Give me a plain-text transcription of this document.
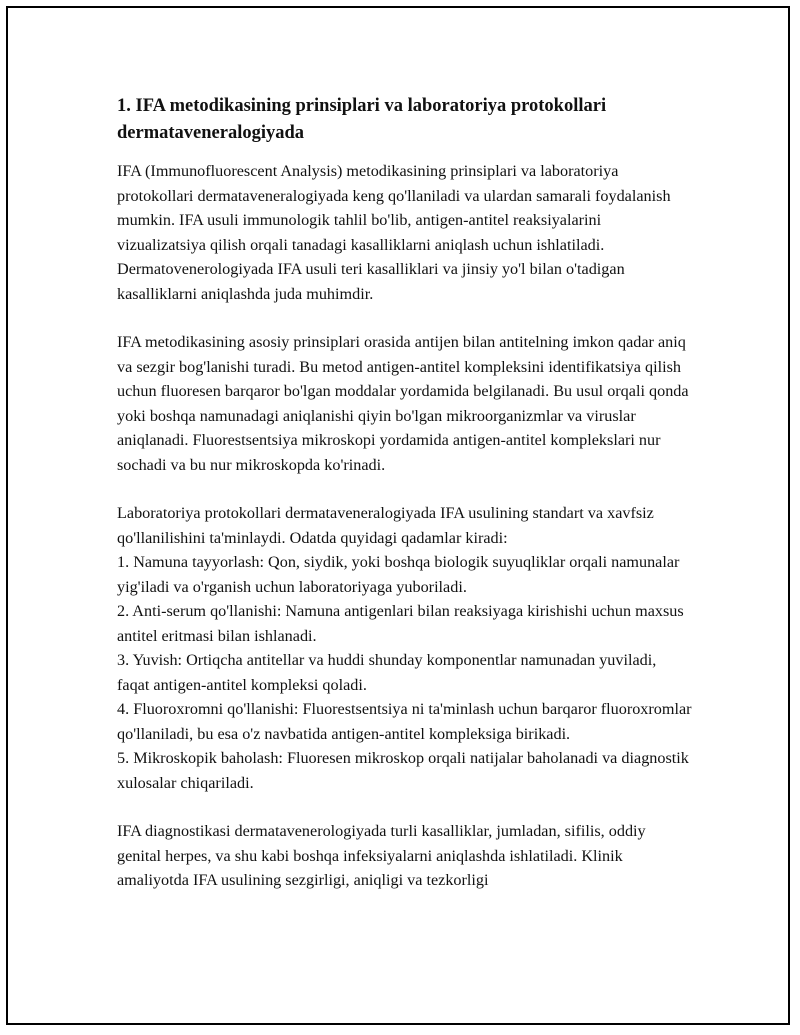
1. IFA metodikasining prinsiplari va laboratoriya protokollari dermataveneralogiyada

IFA (Immunofluorescent Analysis) metodikasining prinsiplari va laboratoriya protokollari dermataveneralogiyada keng qo'llaniladi va ulardan samarali foydalanish mumkin. IFA usuli immunologik tahlil bo'lib, antigen-antitel reaksiyalarini vizualizatsiya qilish orqali tanadagi kasalliklarni aniqlash uchun ishlatiladi. Dermatovenerologiyada IFA usuli teri kasalliklari va jinsiy yo'l bilan o'tadigan kasalliklarni aniqlashda juda muhimdir.

IFA metodikasining asosiy prinsiplari orasida antijen bilan antitelning imkon qadar aniq va sezgir bog'lanishi turadi. Bu metod antigen-antitel kompleksini identifikatsiya qilish uchun fluoresen barqaror bo'lgan moddalar yordamida belgilanadi. Bu usul orqali qonda yoki boshqa namunadagi aniqlanishi qiyin bo'lgan mikroorganizmlar va viruslar aniqlanadi. Fluorestsentsiya mikroskopi yordamida antigen-antitel komplekslari nur sochadi va bu nur mikroskopda ko'rinadi.

Laboratoriya protokollari dermataveneralogiyada IFA usulining standart va xavfsiz qo'llanilishini ta'minlaydi. Odatda quyidagi qadamlar kiradi:

1. Namuna tayyorlash: Qon, siydik, yoki boshqa biologik suyuqliklar orqali namunalar yig'iladi va o'rganish uchun laboratoriyaga yuboriladi.
2. Anti-serum qo'llanishi: Namuna antigenlari bilan reaksiyaga kirishishi uchun maxsus antitel eritmasi bilan ishlanadi.
3. Yuvish: Ortiqcha antitellar va huddi shunday komponentlar namunadan yuviladi, faqat antigen-antitel kompleksi qoladi.
4. Fluoroxromni qo'llanishi: Fluorestsentsiya ni ta'minlash uchun barqaror fluoroxromlar qo'llaniladi, bu esa o'z navbatida antigen-antitel kompleksiga birikadi.
5. Mikroskopik baholash: Fluoresen mikroskop orqali natijalar baholanadi va diagnostik xulosalar chiqariladi.

IFA diagnostikasi dermatavenerologiyada turli kasalliklar, jumladan, sifilis, oddiy genital herpes, va shu kabi boshqa infeksiyalarni aniqlashda ishlatiladi. Klinik amaliyotda IFA usulining sezgirligi, aniqligi va tezkorligi
